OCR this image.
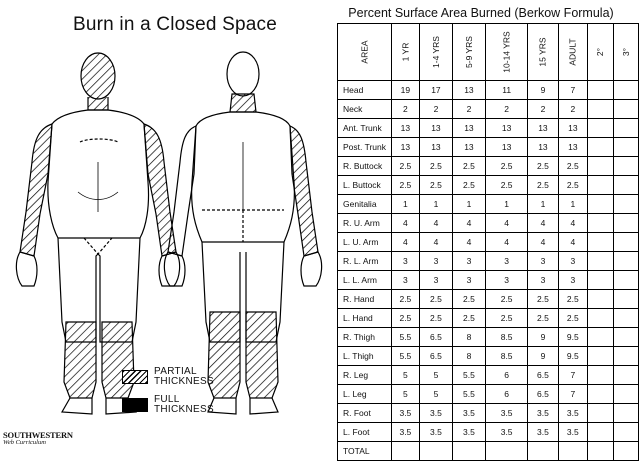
Burn in a Closed Space
PARTIAL
THICKNESS
FULL
THICKNESS
SOUTHWESTERN
Web Curriculum
Percent Surface Area Burned (Berkow Formula)
AREA	1 YR	1-4 YRS	5-9 YRS	10-14 YRS	15 YRS	ADULT	2°	3°
Head	19	17	13	11	9	7		
Neck	2	2	2	2	2	2		
Ant. Trunk	13	13	13	13	13	13		
Post. Trunk	13	13	13	13	13	13		
R. Buttock	2.5	2.5	2.5	2.5	2.5	2.5		
L. Buttock	2.5	2.5	2.5	2.5	2.5	2.5		
Genitalia	1	1	1	1	1	1		
R. U. Arm	4	4	4	4	4	4		
L. U. Arm	4	4	4	4	4	4		
R. L. Arm	3	3	3	3	3	3		
L. L. Arm	3	3	3	3	3	3		
R. Hand	2.5	2.5	2.5	2.5	2.5	2.5		
L. Hand	2.5	2.5	2.5	2.5	2.5	2.5		
R. Thigh	5.5	6.5	8	8.5	9	9.5		
L. Thigh	5.5	6.5	8	8.5	9	9.5		
R. Leg	5	5	5.5	6	6.5	7		
L. Leg	5	5	5.5	6	6.5	7		
R. Foot	3.5	3.5	3.5	3.5	3.5	3.5		
L. Foot	3.5	3.5	3.5	3.5	3.5	3.5		
TOTAL								
